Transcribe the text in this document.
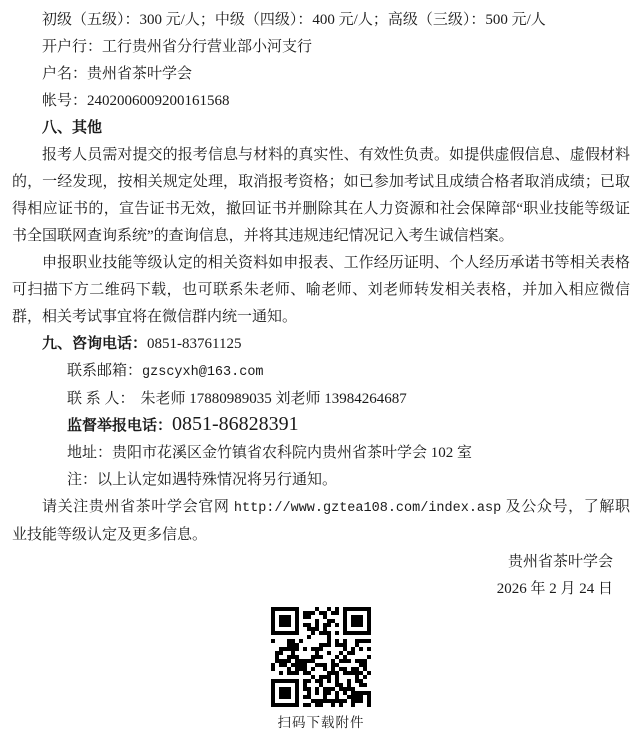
初级（五级）：300 元/人；中级（四级）：400 元/人；高级（三级）：500 元/人

开户行：工行贵州省分行营业部小河支行

户名：贵州省茶叶学会

帐号：2402006009200161568

八、其他

报考人员需对提交的报考信息与材料的真实性、有效性负责。如提供虚假信息、虚假材料的，一经发现，按相关规定处理，取消报考资格；如已参加考试且成绩合格者取消成绩；已取得相应证书的，宣告证书无效，撤回证书并删除其在人力资源和社会保障部“职业技能等级证书全国联网查询系统”的查询信息，并将其违规违纪情况记入考生诚信档案。

申报职业技能等级认定的相关资料如申报表、工作经历证明、个人经历承诺书等相关表格可扫描下方二维码下载，也可联系朱老师、喻老师、刘老师转发相关表格，并加入相应微信群，相关考试事宜将在微信群内统一通知。

九、咨询电话：0851-83761125

联系邮箱：gzscyxh@163.com

联 系 人： 朱老师 17880989035 刘老师 13984264687

监督举报电话：0851-86828391

地址：贵阳市花溪区金竹镇省农科院内贵州省茶叶学会 102 室

注：以上认定如遇特殊情况将另行通知。

请关注贵州省茶叶学会官网 http://www.gztea108.com/index.asp 及公众号，了解职业技能等级认定及更多信息。

贵州省茶叶学会

2026 年 2 月 24 日

扫码下载附件
